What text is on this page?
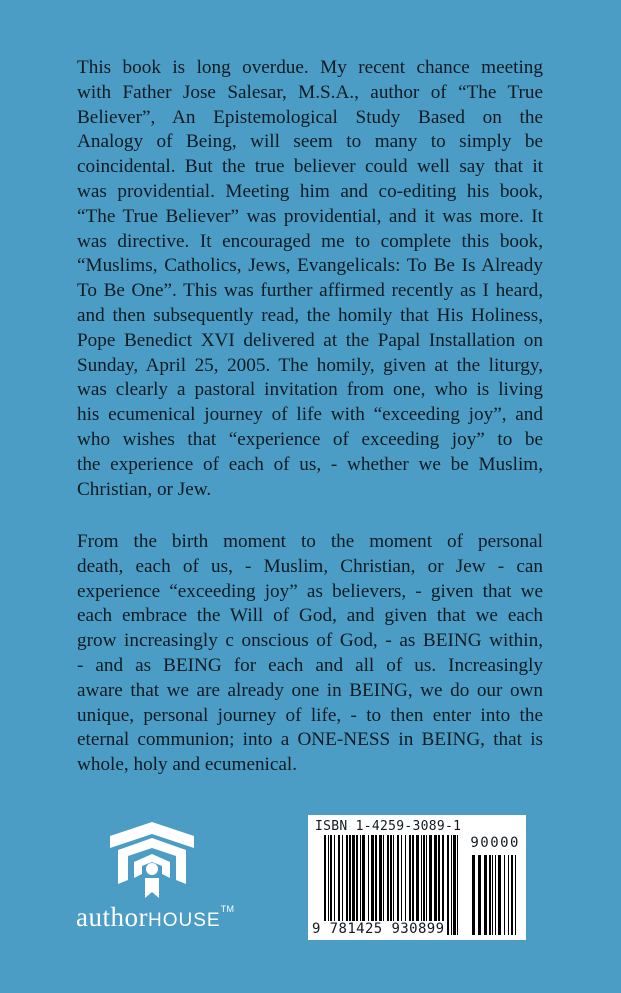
This book is long overdue. My recent chance meeting
with Father Jose Salesar, M.S.A., author of “The True
Believer”, An Epistemological Study Based on the
Analogy of Being, will seem to many to simply be
coincidental. But the true believer could well say that it
was providential. Meeting him and co-editing his book,
“The True Believer” was providential, and it was more. It
was directive. It encouraged me to complete this book,
“Muslims, Catholics, Jews, Evangelicals: To Be Is Already
To Be One”. This was further affirmed recently as I heard,
and then subsequently read, the homily that His Holiness,
Pope Benedict XVI delivered at the Papal Installation on
Sunday, April 25, 2005. The homily, given at the liturgy,
was clearly a pastoral invitation from one, who is living
his ecumenical journey of life with “exceeding joy”, and
who wishes that “experience of exceeding joy” to be
the experience of each of us, - whether we be Muslim,
Christian, or Jew.
From the birth moment to the moment of personal
death, each of us, - Muslim, Christian, or Jew - can
experience “exceeding joy” as believers, - given that we
each embrace the Will of God, and given that we each
grow increasingly c onscious of God, - as BEING within,
- and as BEING for each and all of us. Increasingly
aware that we are already one in BEING, we do our own
unique, personal journey of life, - to then enter into the
eternal communion; into a ONE-NESS in BEING, that is
whole, holy and ecumenical.
authorHOUSE™
ISBN 1-4259-3089-1
90000
9 781425 930899
